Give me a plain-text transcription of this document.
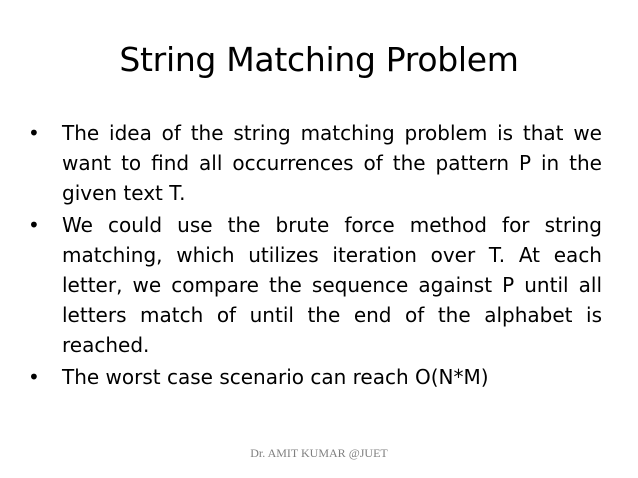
String Matching Problem
•	The idea of the string matching problem is that we want to find all occurrences of the pattern P in the given text T.
•	We could use the brute force method for string matching, which utilizes iteration over T. At each letter, we compare the sequence against P until all letters match of until the end of the alphabet is reached.
•	The worst case scenario can reach O(N*M)

Dr. AMIT KUMAR @JUET
